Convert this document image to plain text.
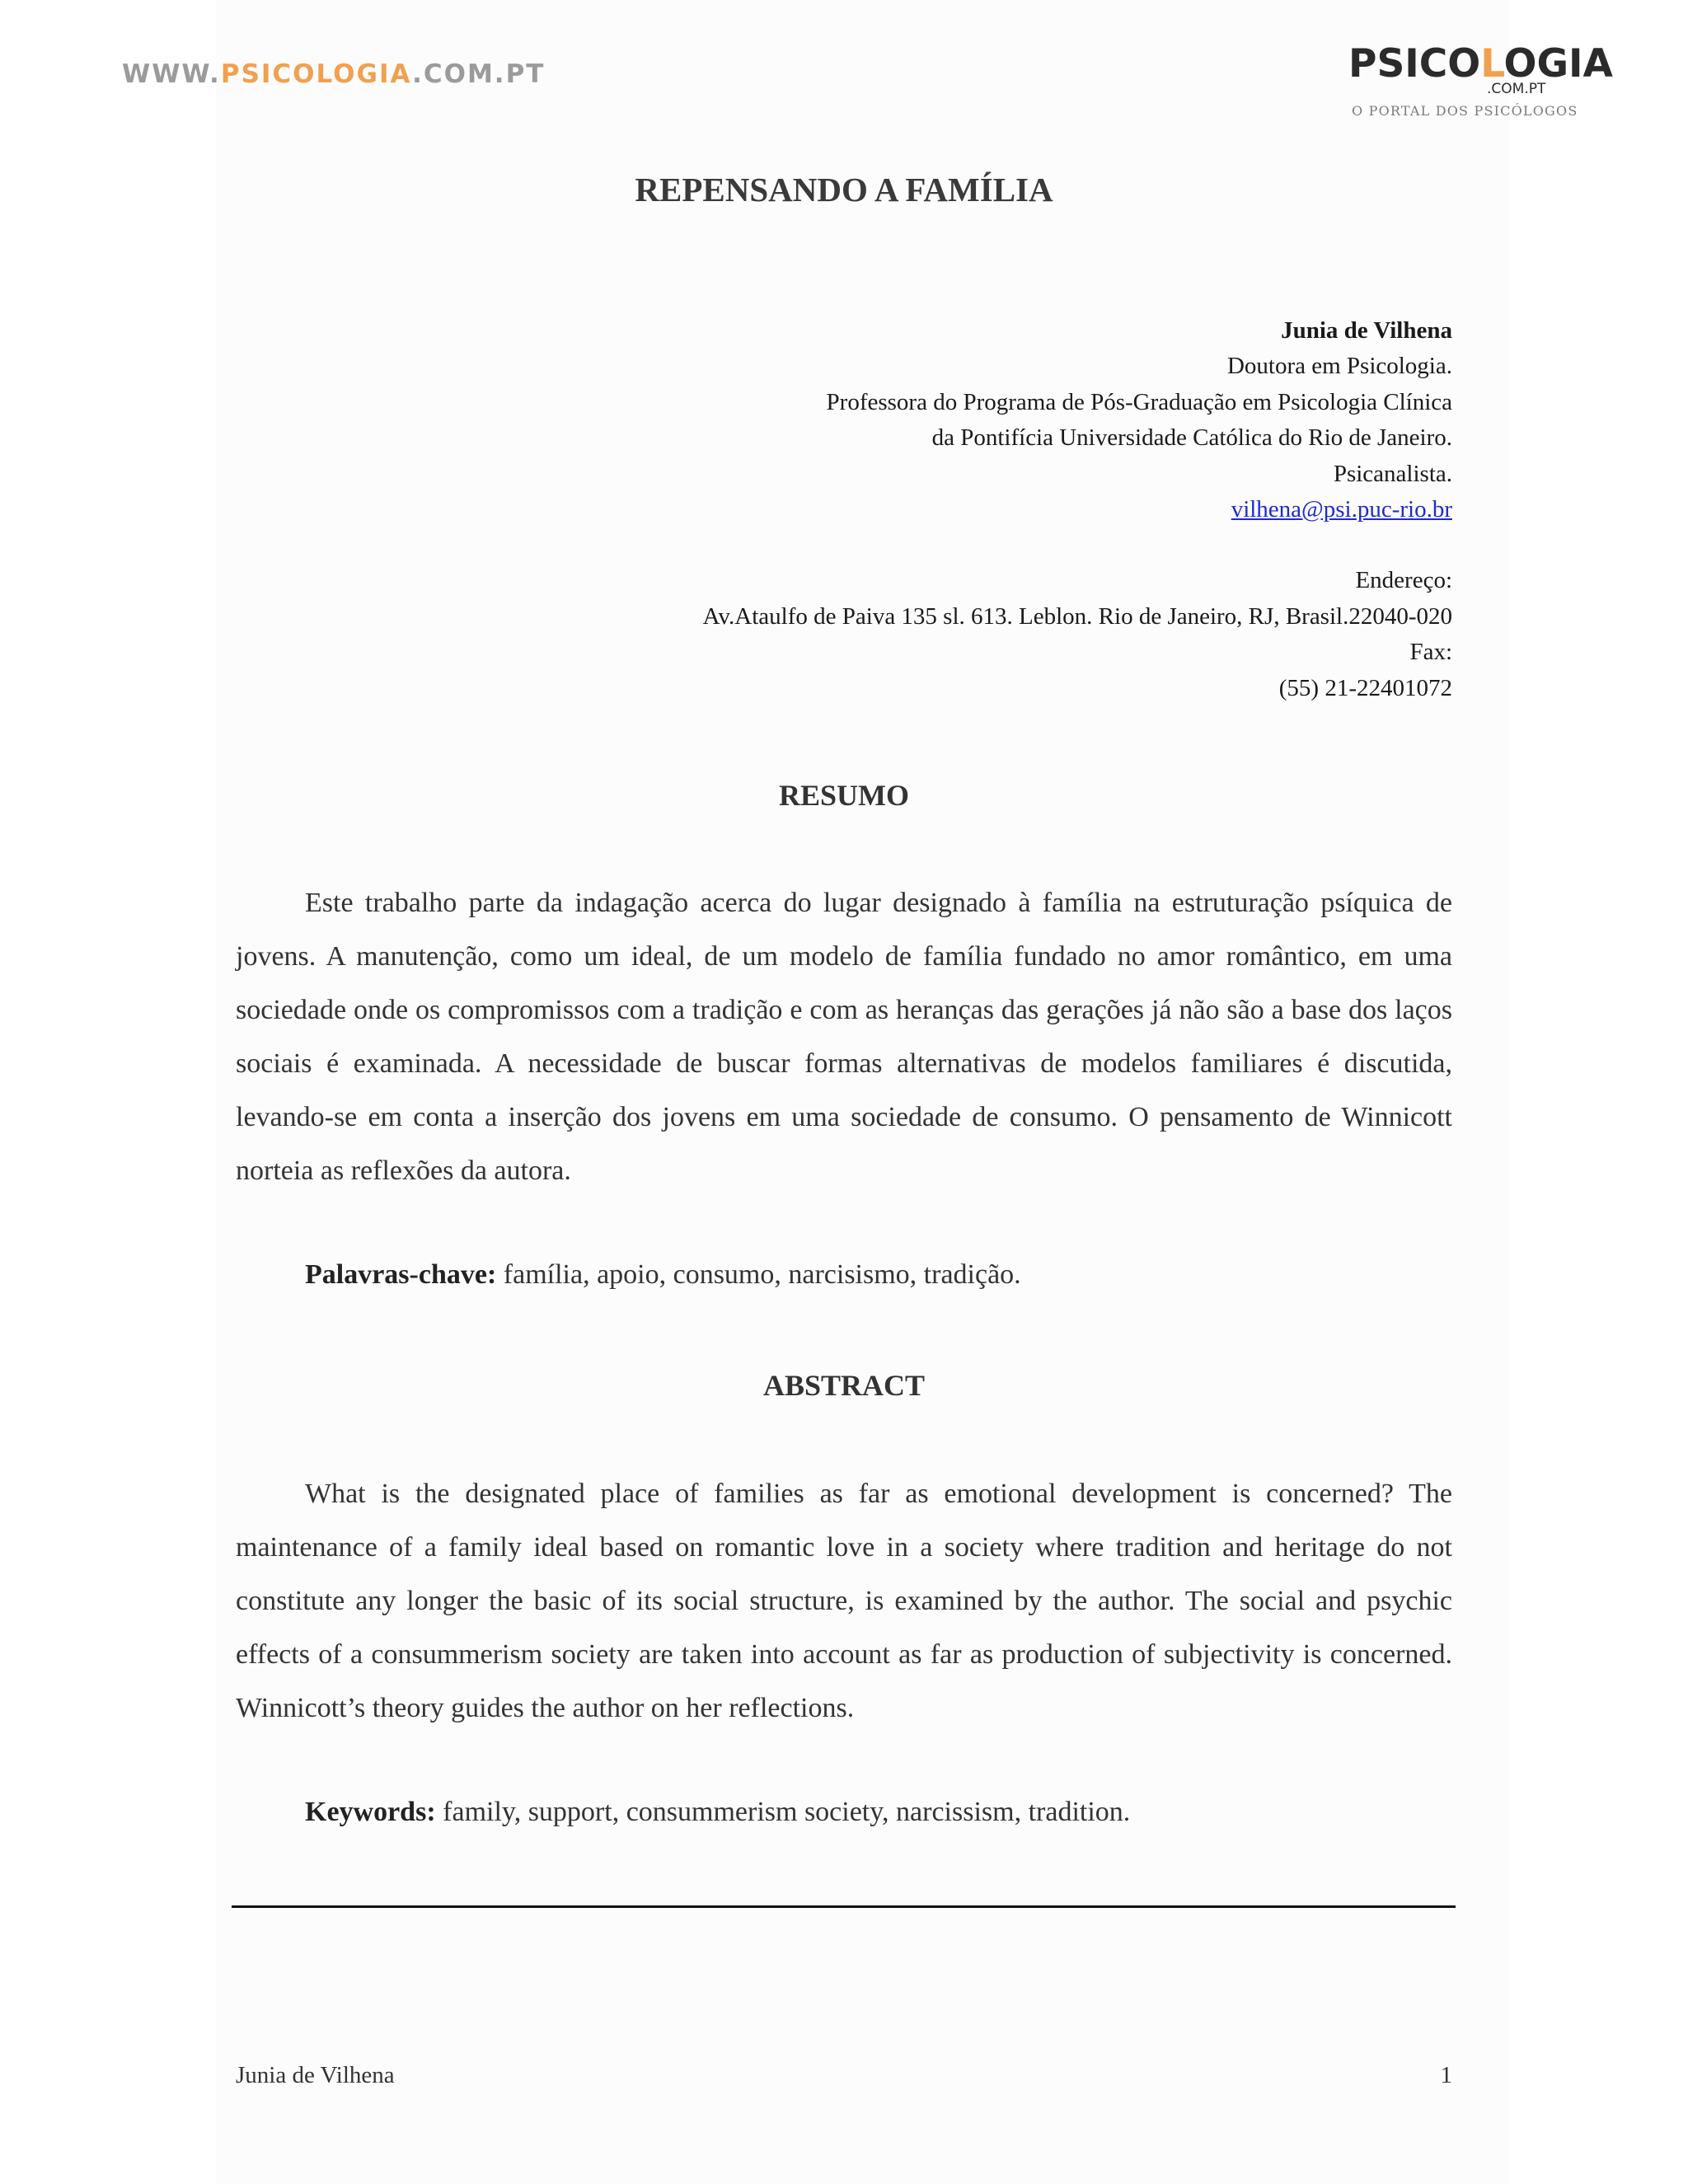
WWW.PSICOLOGIA.COM.PT	PSICOLOGIA
.COM.PT
O PORTAL DOS PSICÓLOGOS
REPENSANDO A FAMÍLIA
Junia de Vilhena
Doutora em Psicologia.
Professora do Programa de Pós-Graduação em Psicologia Clínica
da Pontifícia Universidade Católica do Rio de Janeiro.
Psicanalista.
vilhena@psi.puc-rio.br
Endereço:
Av.Ataulfo de Paiva 135 sl. 613. Leblon. Rio de Janeiro, RJ, Brasil.22040-020
Fax:
(55) 21-22401072
RESUMO
Este trabalho parte da indagação acerca do lugar designado à família na estruturação psíquica de jovens. A manutenção, como um ideal, de um modelo de família fundado no amor romântico, em uma sociedade onde os compromissos com a tradição e com as heranças das gerações já não são a base dos laços sociais é examinada. A necessidade de buscar formas alternativas de modelos familiares é discutida, levando-se em conta a inserção dos jovens em uma sociedade de consumo. O pensamento de Winnicott norteia as reflexões da autora.
Palavras-chave: família, apoio, consumo, narcisismo, tradição.
ABSTRACT
What is the designated place of families as far as emotional development is concerned? The maintenance of a family ideal based on romantic love in a society where tradition and heritage do not constitute any longer the basic of its social structure, is examined by the author. The social and psychic effects of a consummerism society are taken into account as far as production of subjectivity is concerned. Winnicott’s theory guides the author on her reflections.
Keywords: family, support, consummerism society, narcissism, tradition.
Junia de Vilhena	1
